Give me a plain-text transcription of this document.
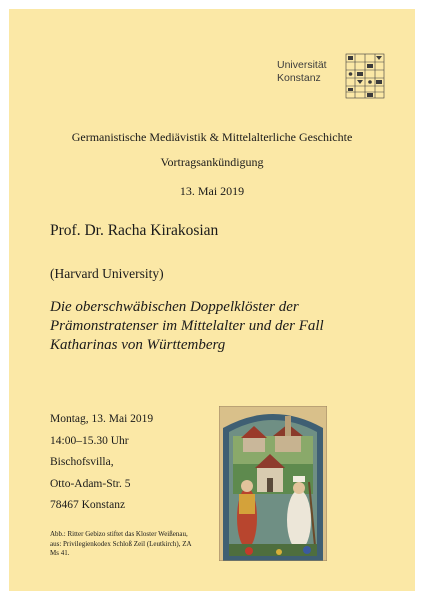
Universität
Konstanz
Germanistische Mediävistik & Mittelalterliche Geschichte
Vortragsankündigung
13. Mai 2019
Prof. Dr. Racha Kirakosian
(Harvard University)
Die oberschwäbischen Doppelklöster der
Prämonstratenser im Mittelalter und der Fall
Katharinas von Württemberg
Montag, 13. Mai 2019
14:00–15.30 Uhr
Bischofsvilla,
Otto-Adam-Str. 5
78467 Konstanz
Abb.: Ritter Gebizo stiftet das Kloster Weißenau,
aus: Privilegienkodex Schloß Zeil (Leutkirch), ZA
Ms 41.
